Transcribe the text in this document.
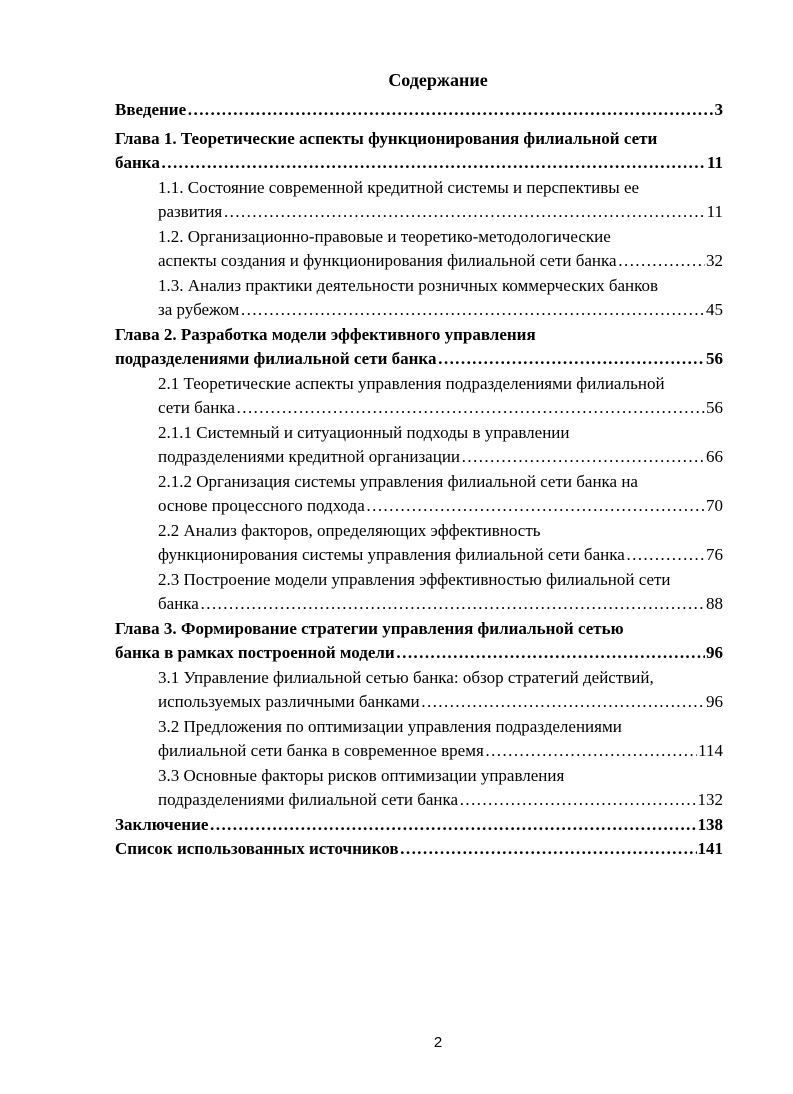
Содержание
Введение ………………………………………………………………………………………………………………………………………………………………………	3
Глава 1. Теоретические аспекты функционирования филиальной сети
банка ………………………………………………………………………………………………………………………………………………………………………	11
1.1. Состояние современной кредитной системы и перспективы ее
развития ………………………………………………………………………………………………………………………………………………………………………	11
1.2. Организационно-правовые и теоретико-методологические
аспекты создания и функционирования филиальной сети банка ………………………………………………………………………………………………………………………………………………………………………	32
1.3. Анализ практики деятельности розничных коммерческих банков
за рубежом ………………………………………………………………………………………………………………………………………………………………………	45
Глава 2. Разработка модели эффективного управления
подразделениями филиальной сети банка ………………………………………………………………………………………………………………………………………………………………………	56
2.1 Теоретические аспекты управления подразделениями филиальной
сети банка ………………………………………………………………………………………………………………………………………………………………………	56
2.1.1 Системный и ситуационный подходы в управлении
подразделениями кредитной организации ………………………………………………………………………………………………………………………………………………………………………	66
2.1.2 Организация системы управления филиальной сети банка на
основе процессного подхода ………………………………………………………………………………………………………………………………………………………………………	70
2.2 Анализ факторов, определяющих эффективность
функционирования системы управления филиальной сети банка ………………………………………………………………………………………………………………………………………………………………………	76
2.3 Построение модели управления эффективностью филиальной сети
банка ………………………………………………………………………………………………………………………………………………………………………	88
Глава 3. Формирование стратегии управления филиальной сетью
банка в рамках построенной модели ………………………………………………………………………………………………………………………………………………………………………	96
3.1 Управление филиальной сетью банка: обзор стратегий действий,
используемых различными банками ………………………………………………………………………………………………………………………………………………………………………	96
3.2 Предложения по оптимизации управления подразделениями
филиальной сети банка в современное время ………………………………………………………………………………………………………………………………………………………………………	114
3.3 Основные факторы рисков оптимизации управления
подразделениями филиальной сети банка ………………………………………………………………………………………………………………………………………………………………………	132
Заключение ………………………………………………………………………………………………………………………………………………………………………	138
Список использованных источников ………………………………………………………………………………………………………………………………………………………………………	141
2
